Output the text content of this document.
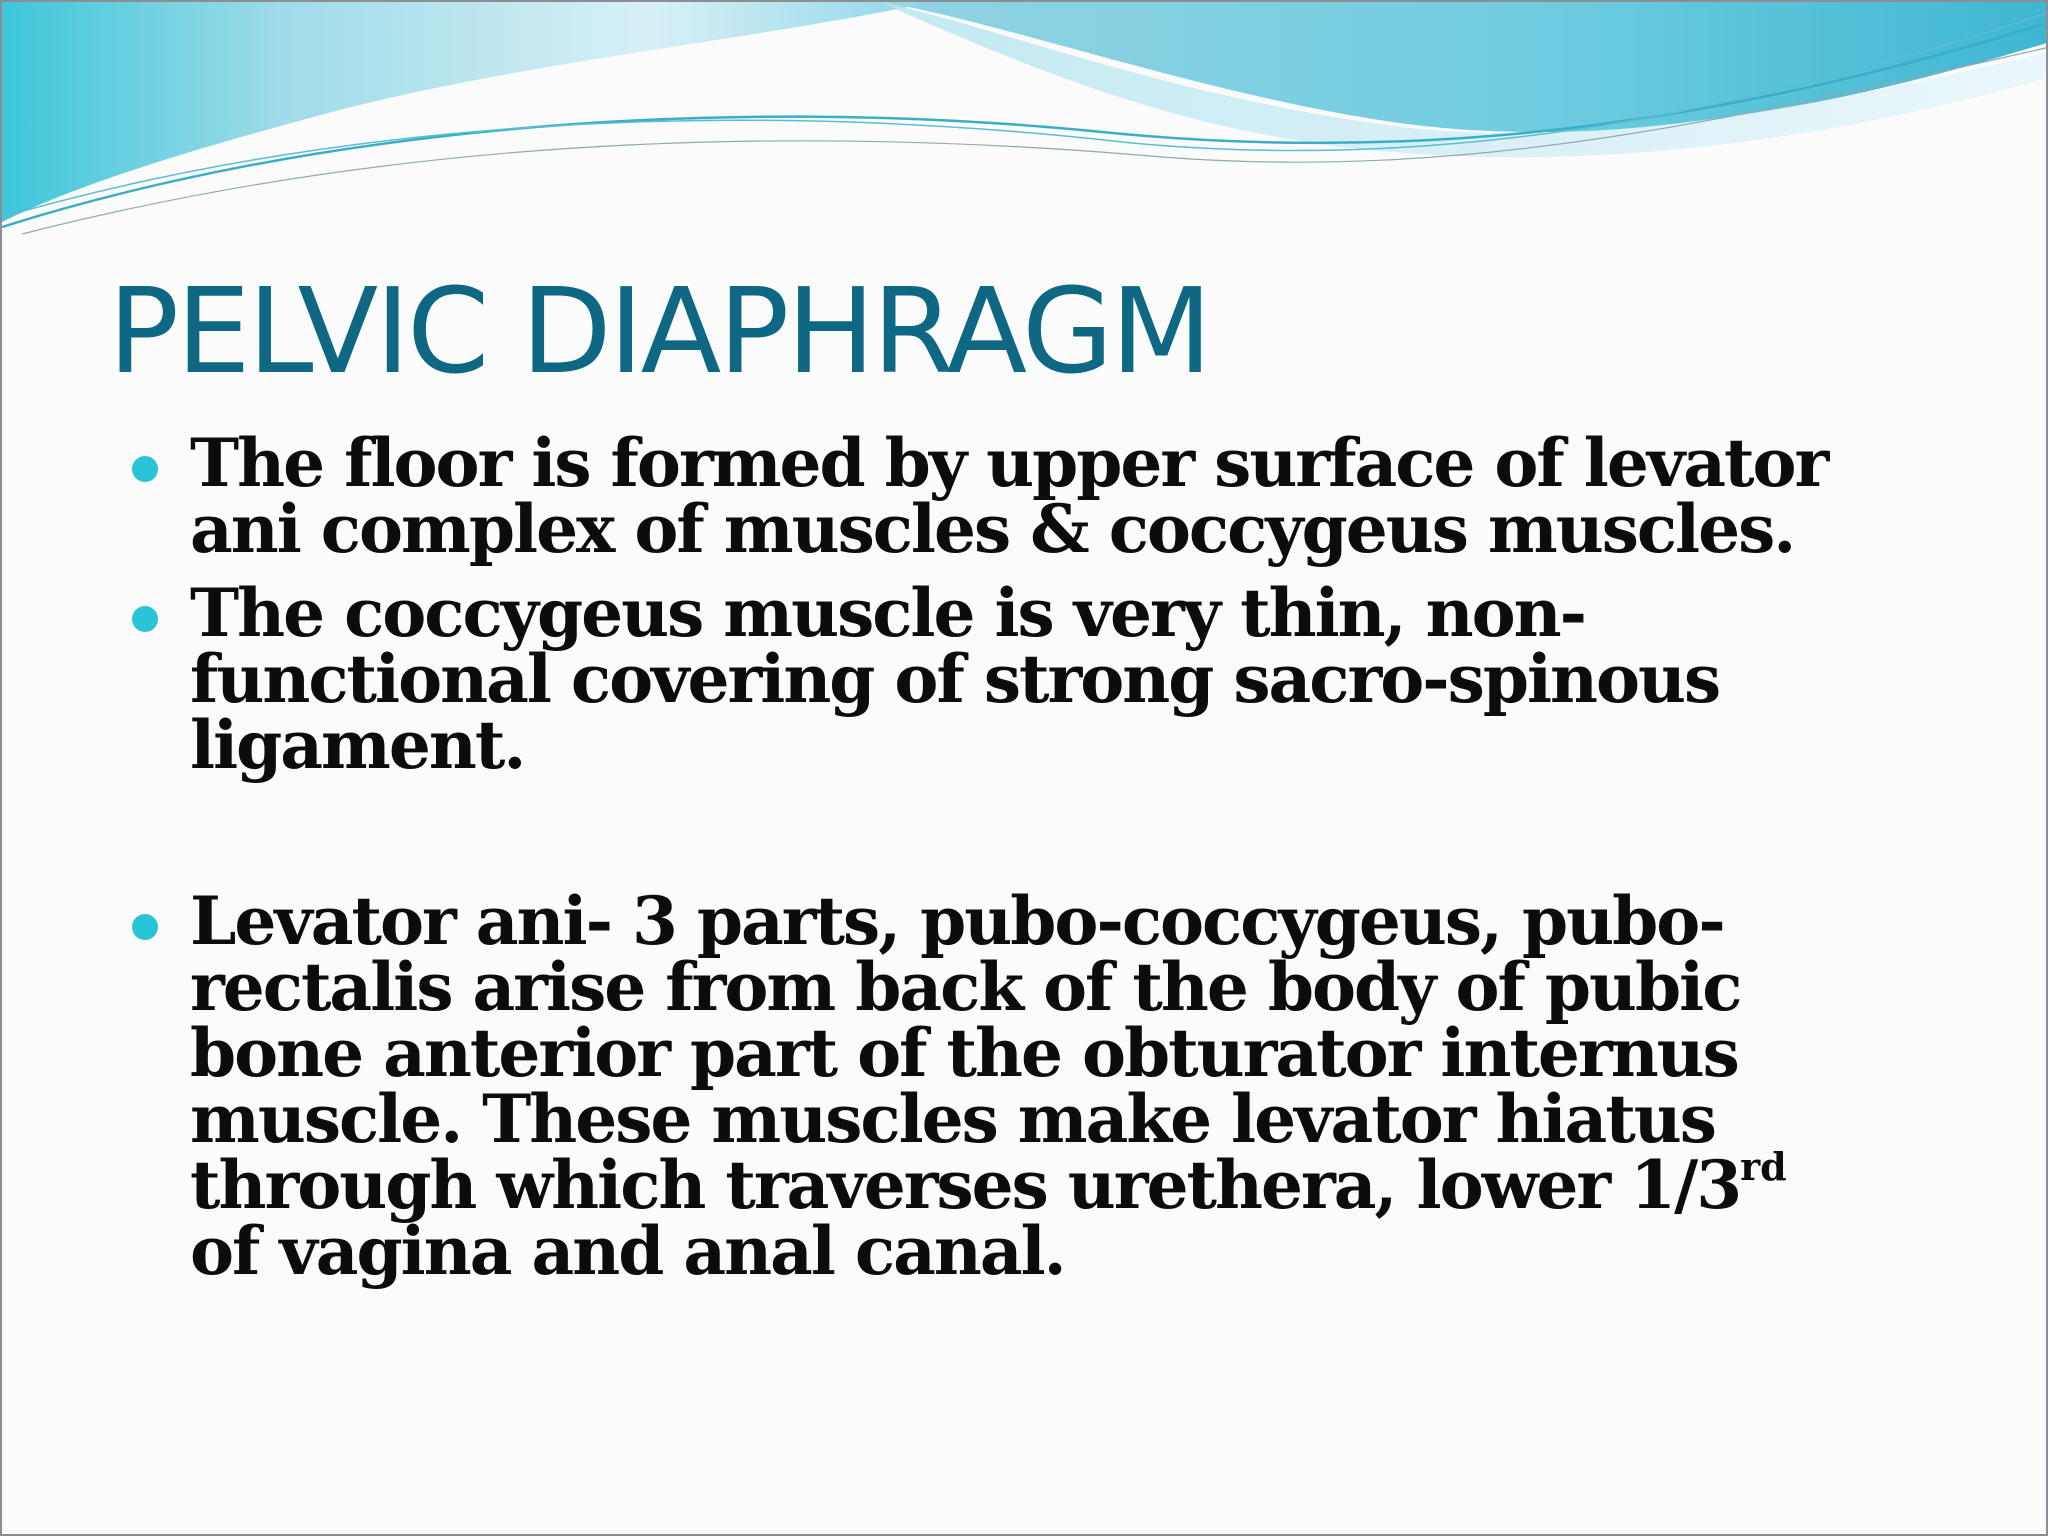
PELVIC DIAPHRAGM
The floor is formed by upper surface of levator
ani complex of muscles & coccygeus muscles.
The coccygeus muscle is very thin, non-
functional covering of strong sacro-spinous
ligament.
Levator ani- 3 parts, pubo-coccygeus, pubo-
rectalis arise from back of the body of pubic
bone anterior part of the obturator internus
muscle. These muscles make levator hiatus
through which traverses urethera, lower 1/3rd
of vagina and anal canal.
